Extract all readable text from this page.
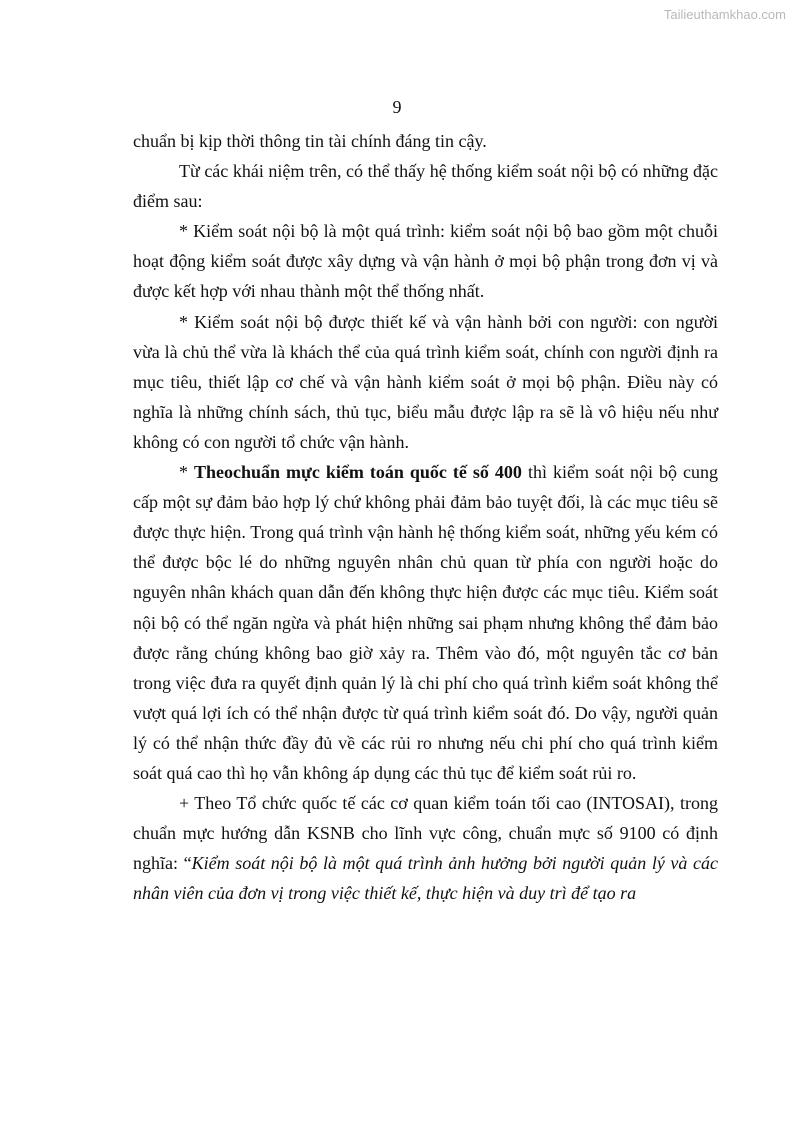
Tailieuthamkhao.com
9

chuẩn bị kịp thời thông tin tài chính đáng tin cậy.

Từ các khái niệm trên, có thể thấy hệ thống kiểm soát nội bộ có những đặc điểm sau:

* Kiểm soát nội bộ là một quá trình: kiểm soát nội bộ bao gồm một chuỗi hoạt động kiểm soát được xây dựng và vận hành ở mọi bộ phận trong đơn vị và được kết hợp với nhau thành một thể thống nhất.

* Kiểm soát nội bộ được thiết kế và vận hành bởi con người: con người vừa là chủ thể vừa là khách thể của quá trình kiểm soát, chính con người định ra mục tiêu, thiết lập cơ chế và vận hành kiểm soát ở mọi bộ phận. Điều này có nghĩa là những chính sách, thủ tục, biểu mẫu được lập ra sẽ là vô hiệu nếu như không có con người tổ chức vận hành.

* Theochuẩn mực kiểm toán quốc tế số 400 thì kiểm soát nội bộ cung cấp một sự đảm bảo hợp lý chứ không phải đảm bảo tuyệt đối, là các mục tiêu sẽ được thực hiện. Trong quá trình vận hành hệ thống kiểm soát, những yếu kém có thể được bộc lé do những nguyên nhân chủ quan từ phía con người hoặc do nguyên nhân khách quan dẫn đến không thực hiện được các mục tiêu. Kiểm soát nội bộ có thể ngăn ngừa và phát hiện những sai phạm nhưng không thể đảm bảo được rằng chúng không bao giờ xảy ra. Thêm vào đó, một nguyên tắc cơ bản trong việc đưa ra quyết định quản lý là chi phí cho quá trình kiểm soát không thể vượt quá lợi ích có thể nhận được từ quá trình kiểm soát đó. Do vậy, người quản lý có thể nhận thức đầy đủ về các rủi ro nhưng nếu chi phí cho quá trình kiểm soát quá cao thì họ vẫn không áp dụng các thủ tục để kiểm soát rủi ro.

+ Theo Tổ chức quốc tế các cơ quan kiểm toán tối cao (INTOSAI), trong chuẩn mực hướng dẫn KSNB cho lĩnh vực công, chuẩn mực số 9100 có định nghĩa: “Kiểm soát nội bộ là một quá trình ảnh hưởng bởi người quản lý và các nhân viên của đơn vị trong việc thiết kế, thực hiện và duy trì để tạo ra
